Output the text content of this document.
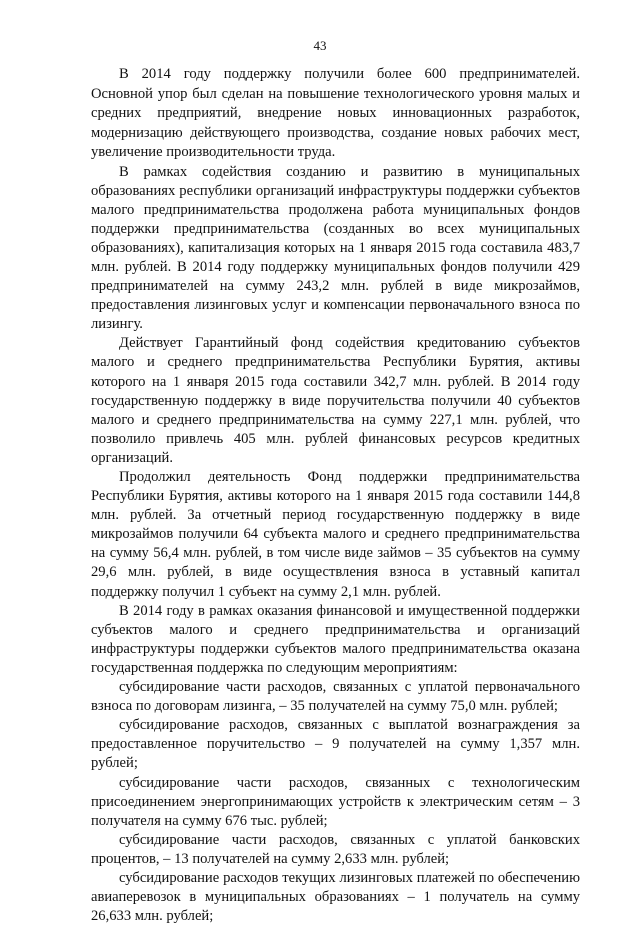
43

В 2014 году поддержку получили более 600 предпринимателей. Основной упор был сделан на повышение технологического уровня малых и средних предприятий, внедрение новых инновационных разработок, модернизацию действующего производства, создание новых рабочих мест, увеличение производительности труда.

В рамках содействия созданию и развитию в муниципальных образованиях республики организаций инфраструктуры поддержки субъектов малого предпринимательства продолжена работа муниципальных фондов поддержки предпринимательства (созданных во всех муниципальных образованиях), капитализация которых на 1 января 2015 года составила 483,7 млн. рублей. В 2014 году поддержку муниципальных фондов получили 429 предпринимателей на сумму 243,2 млн. рублей в виде микрозаймов, предоставления лизинговых услуг и компенсации первоначального взноса по лизингу.

Действует Гарантийный фонд содействия кредитованию субъектов малого и среднего предпринимательства Республики Бурятия, активы которого на 1 января 2015 года составили 342,7 млн. рублей. В 2014 году государственную поддержку в виде поручительства получили 40 субъектов малого и среднего предпринимательства на сумму 227,1 млн. рублей, что позволило привлечь 405 млн. рублей финансовых ресурсов кредитных организаций.

Продолжил деятельность Фонд поддержки предпринимательства Республики Бурятия, активы которого на 1 января 2015 года составили 144,8 млн. рублей. За отчетный период государственную поддержку в виде микрозаймов получили 64 субъекта малого и среднего предпринимательства на сумму 56,4 млн. рублей, в том числе виде займов – 35 субъектов на сумму 29,6 млн. рублей, в виде осуществления взноса в уставный капитал поддержку получил 1 субъект на сумму 2,1 млн. рублей.

В 2014 году в рамках оказания финансовой и имущественной поддержки субъектов малого и среднего предпринимательства и организаций инфраструктуры поддержки субъектов малого предпринимательства оказана государственная поддержка по следующим мероприятиям:

субсидирование части расходов, связанных с уплатой первоначального взноса по договорам лизинга, – 35 получателей на сумму 75,0 млн. рублей;

субсидирование расходов, связанных с выплатой вознаграждения за предоставленное поручительство – 9 получателей на сумму 1,357 млн. рублей;

субсидирование части расходов, связанных с технологическим присоединением энергопринимающих устройств к электрическим сетям – 3 получателя на сумму 676 тыс. рублей;

субсидирование части расходов, связанных с уплатой банковских процентов, – 13 получателей на сумму 2,633 млн. рублей;

субсидирование расходов текущих лизинговых платежей по обеспечению авиаперевозок в муниципальных образованиях – 1 получатель на сумму 26,633 млн. рублей;
